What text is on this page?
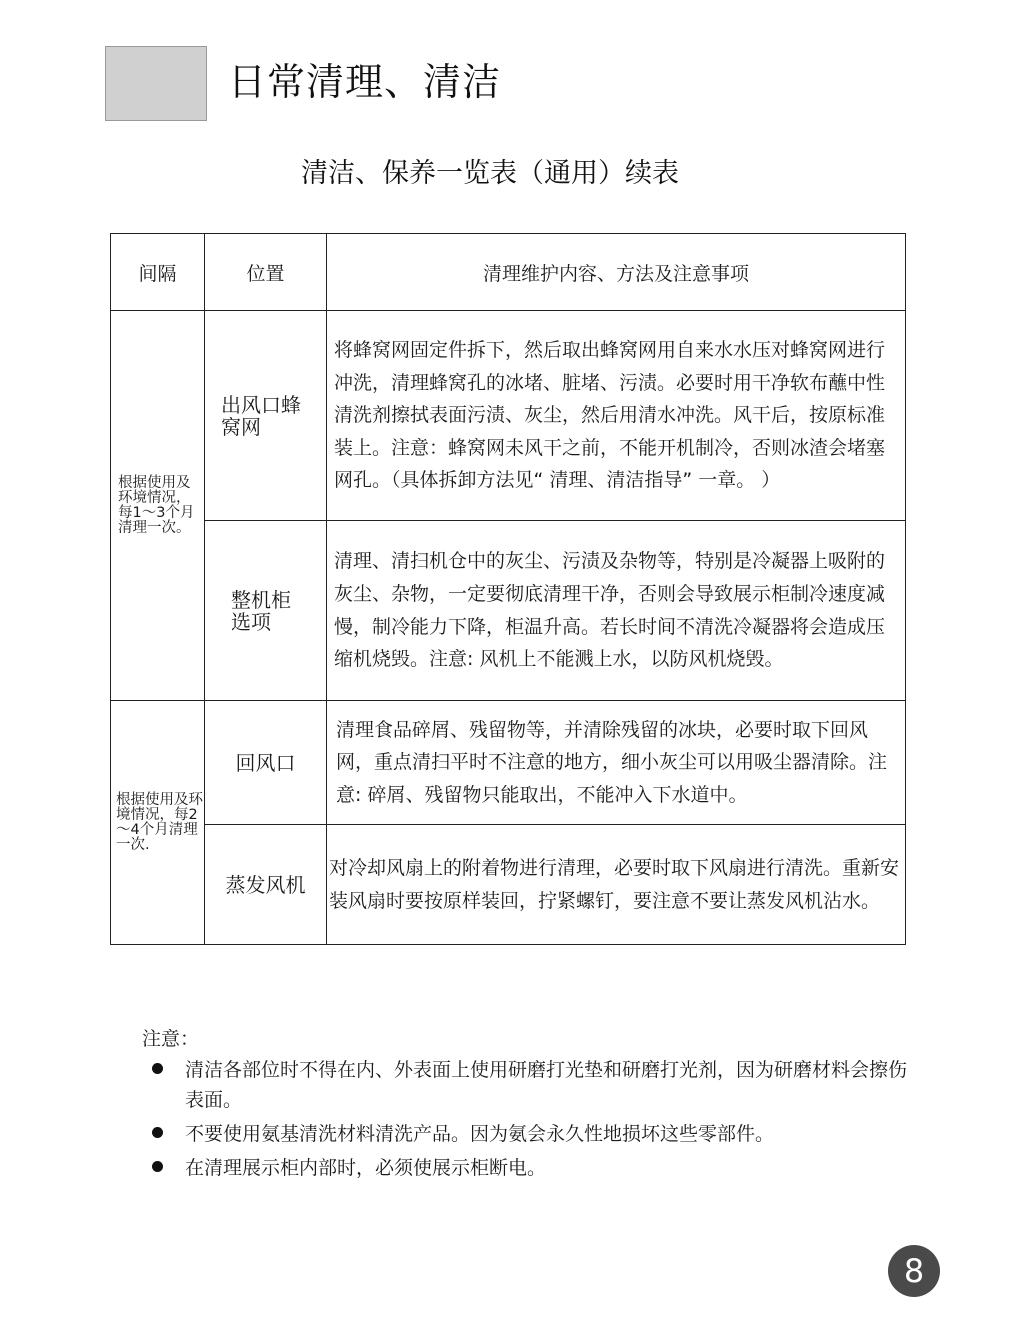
日常清理、清洁
清洁、保养一览表（通用）续表
间隔	位置	清理维护内容、方法及注意事项

根据使用及环境情况，每1～3个月清理一次。	出风口蜂窝网	将蜂窝网固定件拆下，然后取出蜂窝网用自来水水压对蜂窝网进行冲洗，清理蜂窝孔的冰堵、脏堵、污渍。必要时用干净软布蘸中性清洗剂擦拭表面污渍、灰尘，然后用清水冲洗。风干后，按原标准装上。注意：蜂窝网未风干之前，不能开机制冷，否则冰渣会堵塞网孔。（具体拆卸方法见“ 清理、清洁指导” 一章。 ）

	整机柜选项	清理、清扫机仓中的灰尘、污渍及杂物等，特别是冷凝器上吸附的灰尘、杂物，一定要彻底清理干净，否则会导致展示柜制冷速度减慢，制冷能力下降，柜温升高。若长时间不清洗冷凝器将会造成压缩机烧毁。注意: 风机上不能溅上水，以防风机烧毁。

根据使用及环境情况，每2～4个月清理一次.	回风口	清理食品碎屑、残留物等，并清除残留的冰块，必要时取下回风网，重点清扫平时不注意的地方，细小灰尘可以用吸尘器清除。注意: 碎屑、残留物只能取出，不能冲入下水道中。

	蒸发风机	对冷却风扇上的附着物进行清理，必要时取下风扇进行清洗。重新安装风扇时要按原样装回，拧紧螺钉，要注意不要让蒸发风机沾水。
注意：
清洁各部位时不得在内、外表面上使用研磨打光垫和研磨打光剂，因为研磨材料会擦伤表面。
不要使用氨基清洗材料清洗产品。因为氨会永久性地损坏这些零部件。
在清理展示柜内部时，必须使展示柜断电。
8
